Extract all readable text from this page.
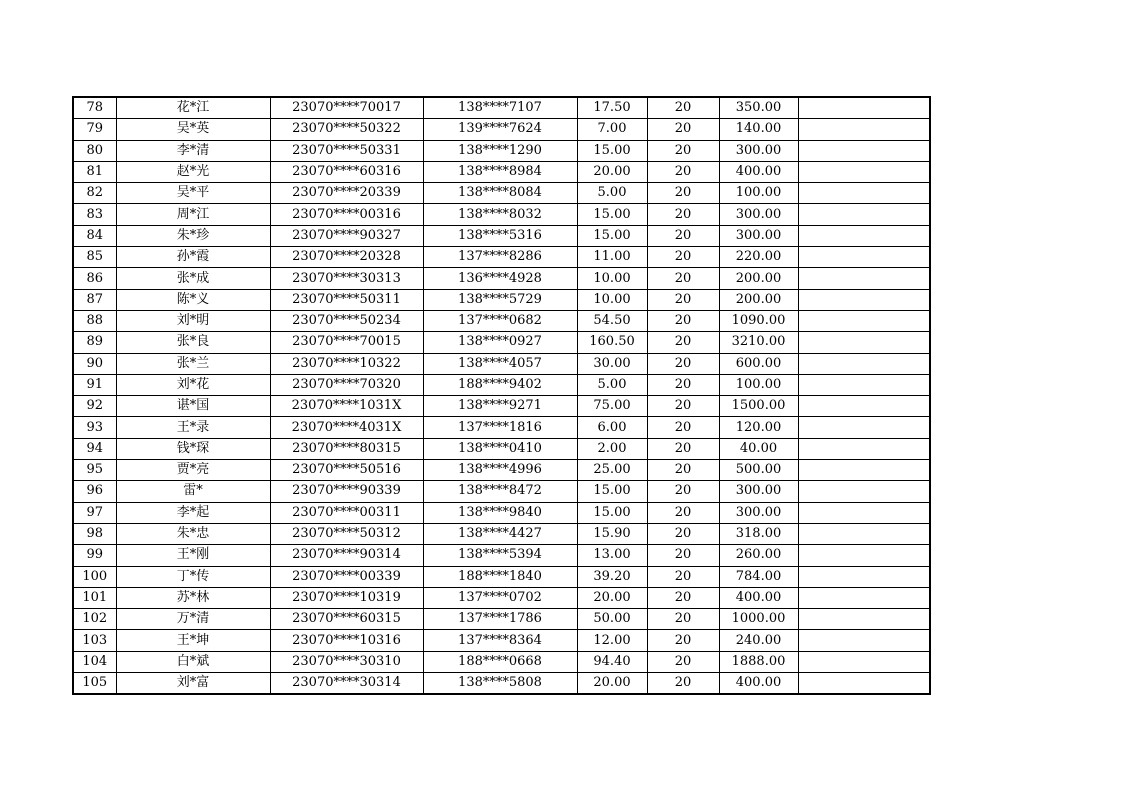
78	花*江	23070****70017	138****7107	17.50	20	350.00	
79	吴*英	23070****50322	139****7624	7.00	20	140.00	
80	李*清	23070****50331	138****1290	15.00	20	300.00	
81	赵*光	23070****60316	138****8984	20.00	20	400.00	
82	吴*平	23070****20339	138****8084	5.00	20	100.00	
83	周*江	23070****00316	138****8032	15.00	20	300.00	
84	朱*珍	23070****90327	138****5316	15.00	20	300.00	
85	孙*霞	23070****20328	137****8286	11.00	20	220.00	
86	张*成	23070****30313	136****4928	10.00	20	200.00	
87	陈*义	23070****50311	138****5729	10.00	20	200.00	
88	刘*明	23070****50234	137****0682	54.50	20	1090.00	
89	张*良	23070****70015	138****0927	160.50	20	3210.00	
90	张*兰	23070****10322	138****4057	30.00	20	600.00	
91	刘*花	23070****70320	188****9402	5.00	20	100.00	
92	谌*国	23070****1031X	138****9271	75.00	20	1500.00	
93	王*录	23070****4031X	137****1816	6.00	20	120.00	
94	钱*琛	23070****80315	138****0410	2.00	20	40.00	
95	贾*亮	23070****50516	138****4996	25.00	20	500.00	
96	雷*	23070****90339	138****8472	15.00	20	300.00	
97	李*起	23070****00311	138****9840	15.00	20	300.00	
98	朱*忠	23070****50312	138****4427	15.90	20	318.00	
99	王*刚	23070****90314	138****5394	13.00	20	260.00	
100	丁*传	23070****00339	188****1840	39.20	20	784.00	
101	苏*林	23070****10319	137****0702	20.00	20	400.00	
102	万*清	23070****60315	137****1786	50.00	20	1000.00	
103	王*坤	23070****10316	137****8364	12.00	20	240.00	
104	白*斌	23070****30310	188****0668	94.40	20	1888.00	
105	刘*富	23070****30314	138****5808	20.00	20	400.00	
